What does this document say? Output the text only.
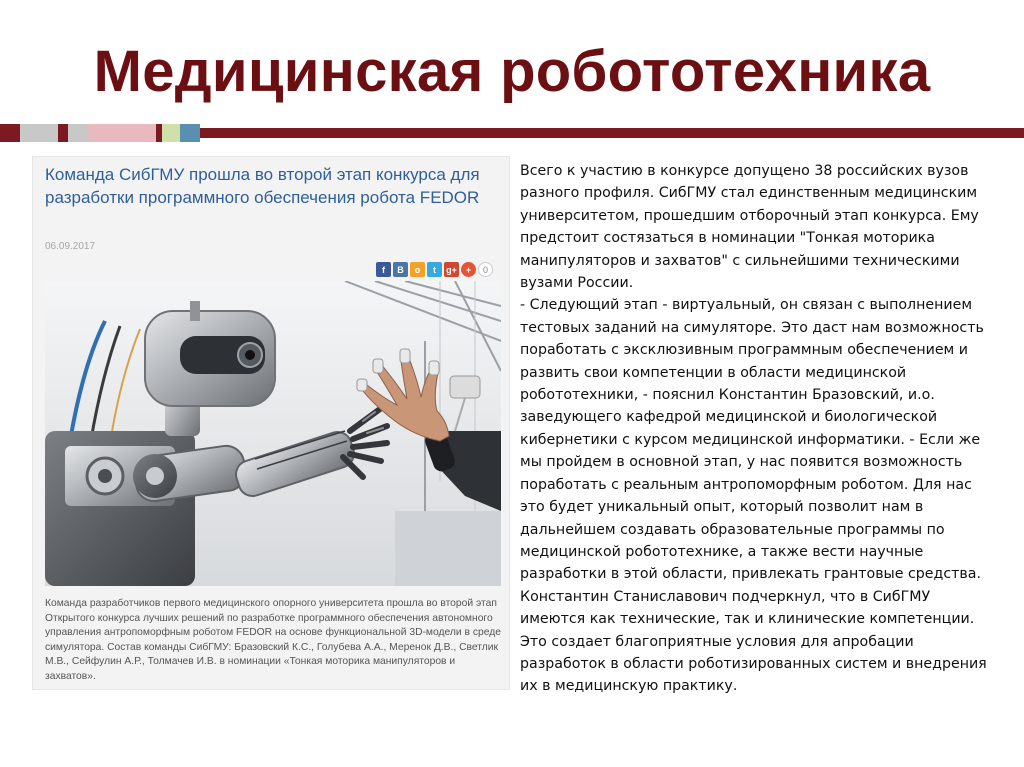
Медицинская робототехника
Команда СибГМУ прошла во второй этап конкурса для разработки программного обеспечения робота FEDOR
06.09.2017
f	В	о	t	g+ +	0
Команда разработчиков первого медицинского опорного университета прошла во второй этап Открытого конкурса лучших решений по разработке программного обеспечения автономного управления антропоморфным роботом FEDOR на основе функциональной 3D-модели в среде симулятора. Состав команды СибГМУ: Бразовский К.С., Голубева А.А., Меренок Д.В., Светлик М.В., Сейфулин А.Р., Толмачев И.В. в номинации «Тонкая моторика манипуляторов и захватов».

Всего к участию в конкурсе допущено 38 российских вузов разного профиля. СибГМУ стал единственным медицинским университетом, прошедшим отборочный этап конкурса. Ему предстоит состязаться в номинации "Тонкая моторика манипуляторов и захватов" с сильнейшими техническими вузами России.

- Следующий этап - виртуальный, он связан с выполнением тестовых заданий на симуляторе. Это даст нам возможность поработать с эксклюзивным программным обеспечением и развить свои компетенции в области медицинской робототехники, - пояснил Константин Бразовский, и.о. заведующего кафедрой медицинской и биологической кибернетики с курсом медицинской информатики. - Если же мы пройдем в основной этап, у нас появится возможность поработать с реальным антропоморфным роботом. Для нас это будет уникальный опыт, который позволит нам в дальнейшем создавать образовательные программы по медицинской робототехнике, а также вести научные разработки в этой области, привлекать грантовые средства.

Константин Станиславович подчеркнул, что в СибГМУ имеются как технические, так и клинические компетенции. Это создает благоприятные условия для апробации разработок в области роботизированных систем и внедрения их в медицинскую практику.
